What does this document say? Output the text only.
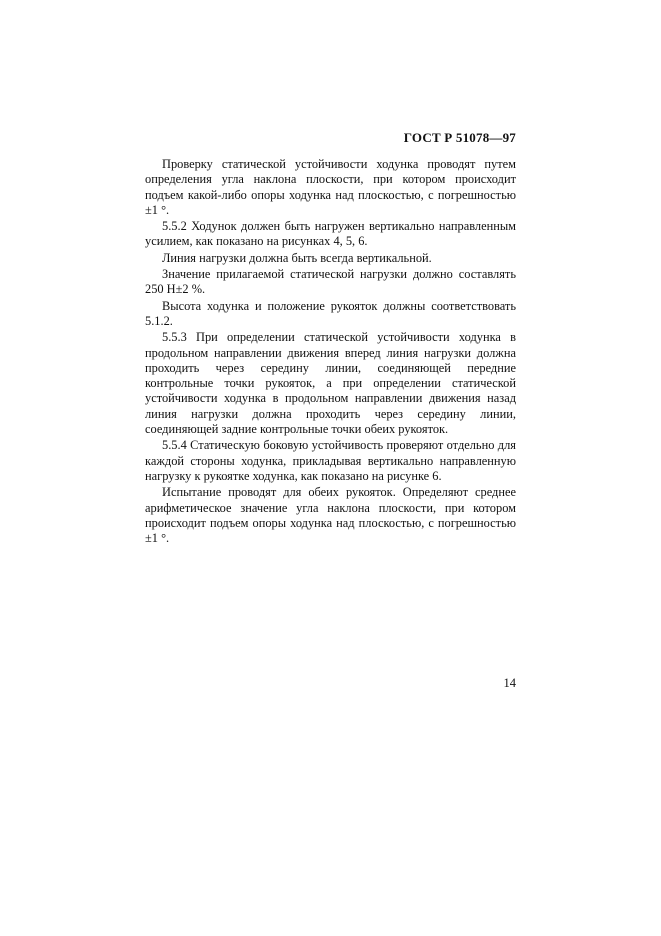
ГОСТ Р 51078—97

Проверку статической устойчивости ходунка проводят путем определения угла наклона плоскости, при котором происходит подъем какой-либо опоры ходунка над плоскостью, с погрешностью ±1 °.

5.5.2 Ходунок должен быть нагружен вертикально направленным усилием, как показано на рисунках 4, 5, 6.

Линия нагрузки должна быть всегда вертикальной.

Значение прилагаемой статической нагрузки должно составлять 250 Н±2 %.

Высота ходунка и положение рукояток должны соответствовать 5.1.2.

5.5.3 При определении статической устойчивости ходунка в продольном направлении движения вперед линия нагрузки должна проходить через середину линии, соединяющей передние контрольные точки рукояток, а при определении статической устойчивости ходунка в продольном направлении движения назад линия нагрузки должна проходить через середину линии, соединяющей задние контрольные точки обеих рукояток.

5.5.4 Статическую боковую устойчивость проверяют отдельно для каждой стороны ходунка, прикладывая вертикально направленную нагрузку к рукоятке ходунка, как показано на рисунке 6.

Испытание проводят для обеих рукояток. Определяют среднее арифметическое значение угла наклона плоскости, при котором происходит подъем опоры ходунка над плоскостью, с погрешностью ±1 °.

14
